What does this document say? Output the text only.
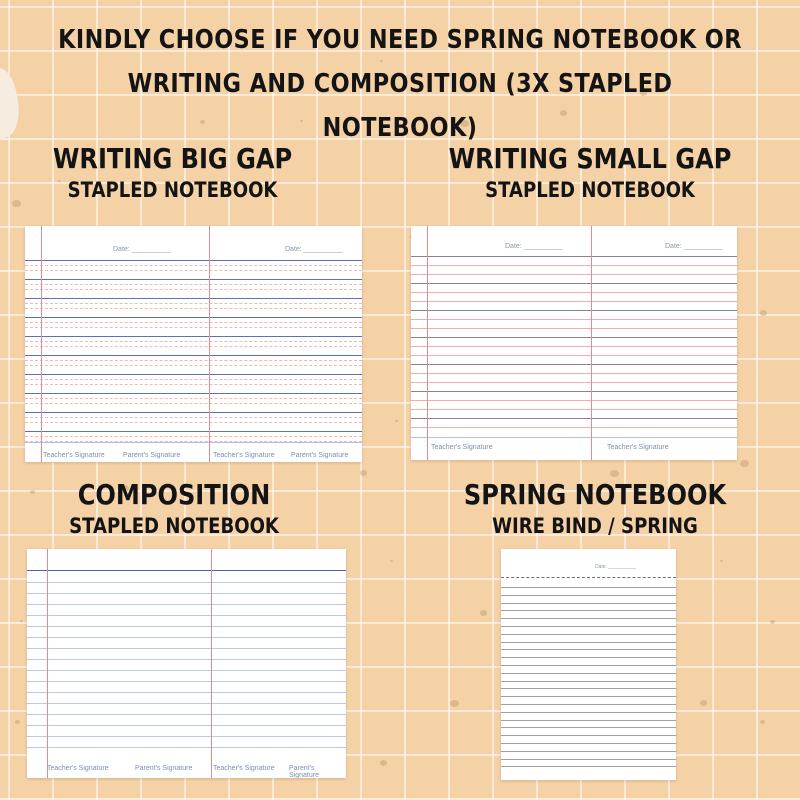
KINDLY CHOOSE IF YOU NEED SPRING NOTEBOOK OR
WRITING AND COMPOSITION (3X STAPLED NOTEBOOK)
WRITING BIG GAP
STAPLED NOTEBOOK
Date: __________	Date: __________
Teacher's Signature	Parent's Signature	Teacher's Signature Parent's Signature
WRITING SMALL GAP
STAPLED NOTEBOOK
Date: __________	Date: __________
Teacher's Signature	Teacher's Signature
COMPOSITION
STAPLED NOTEBOOK
Teacher's Signature	Parent's Signature	Teacher's Signature Parent's Signature
SPRING NOTEBOOK
WIRE BIND / SPRING
Date: __________
